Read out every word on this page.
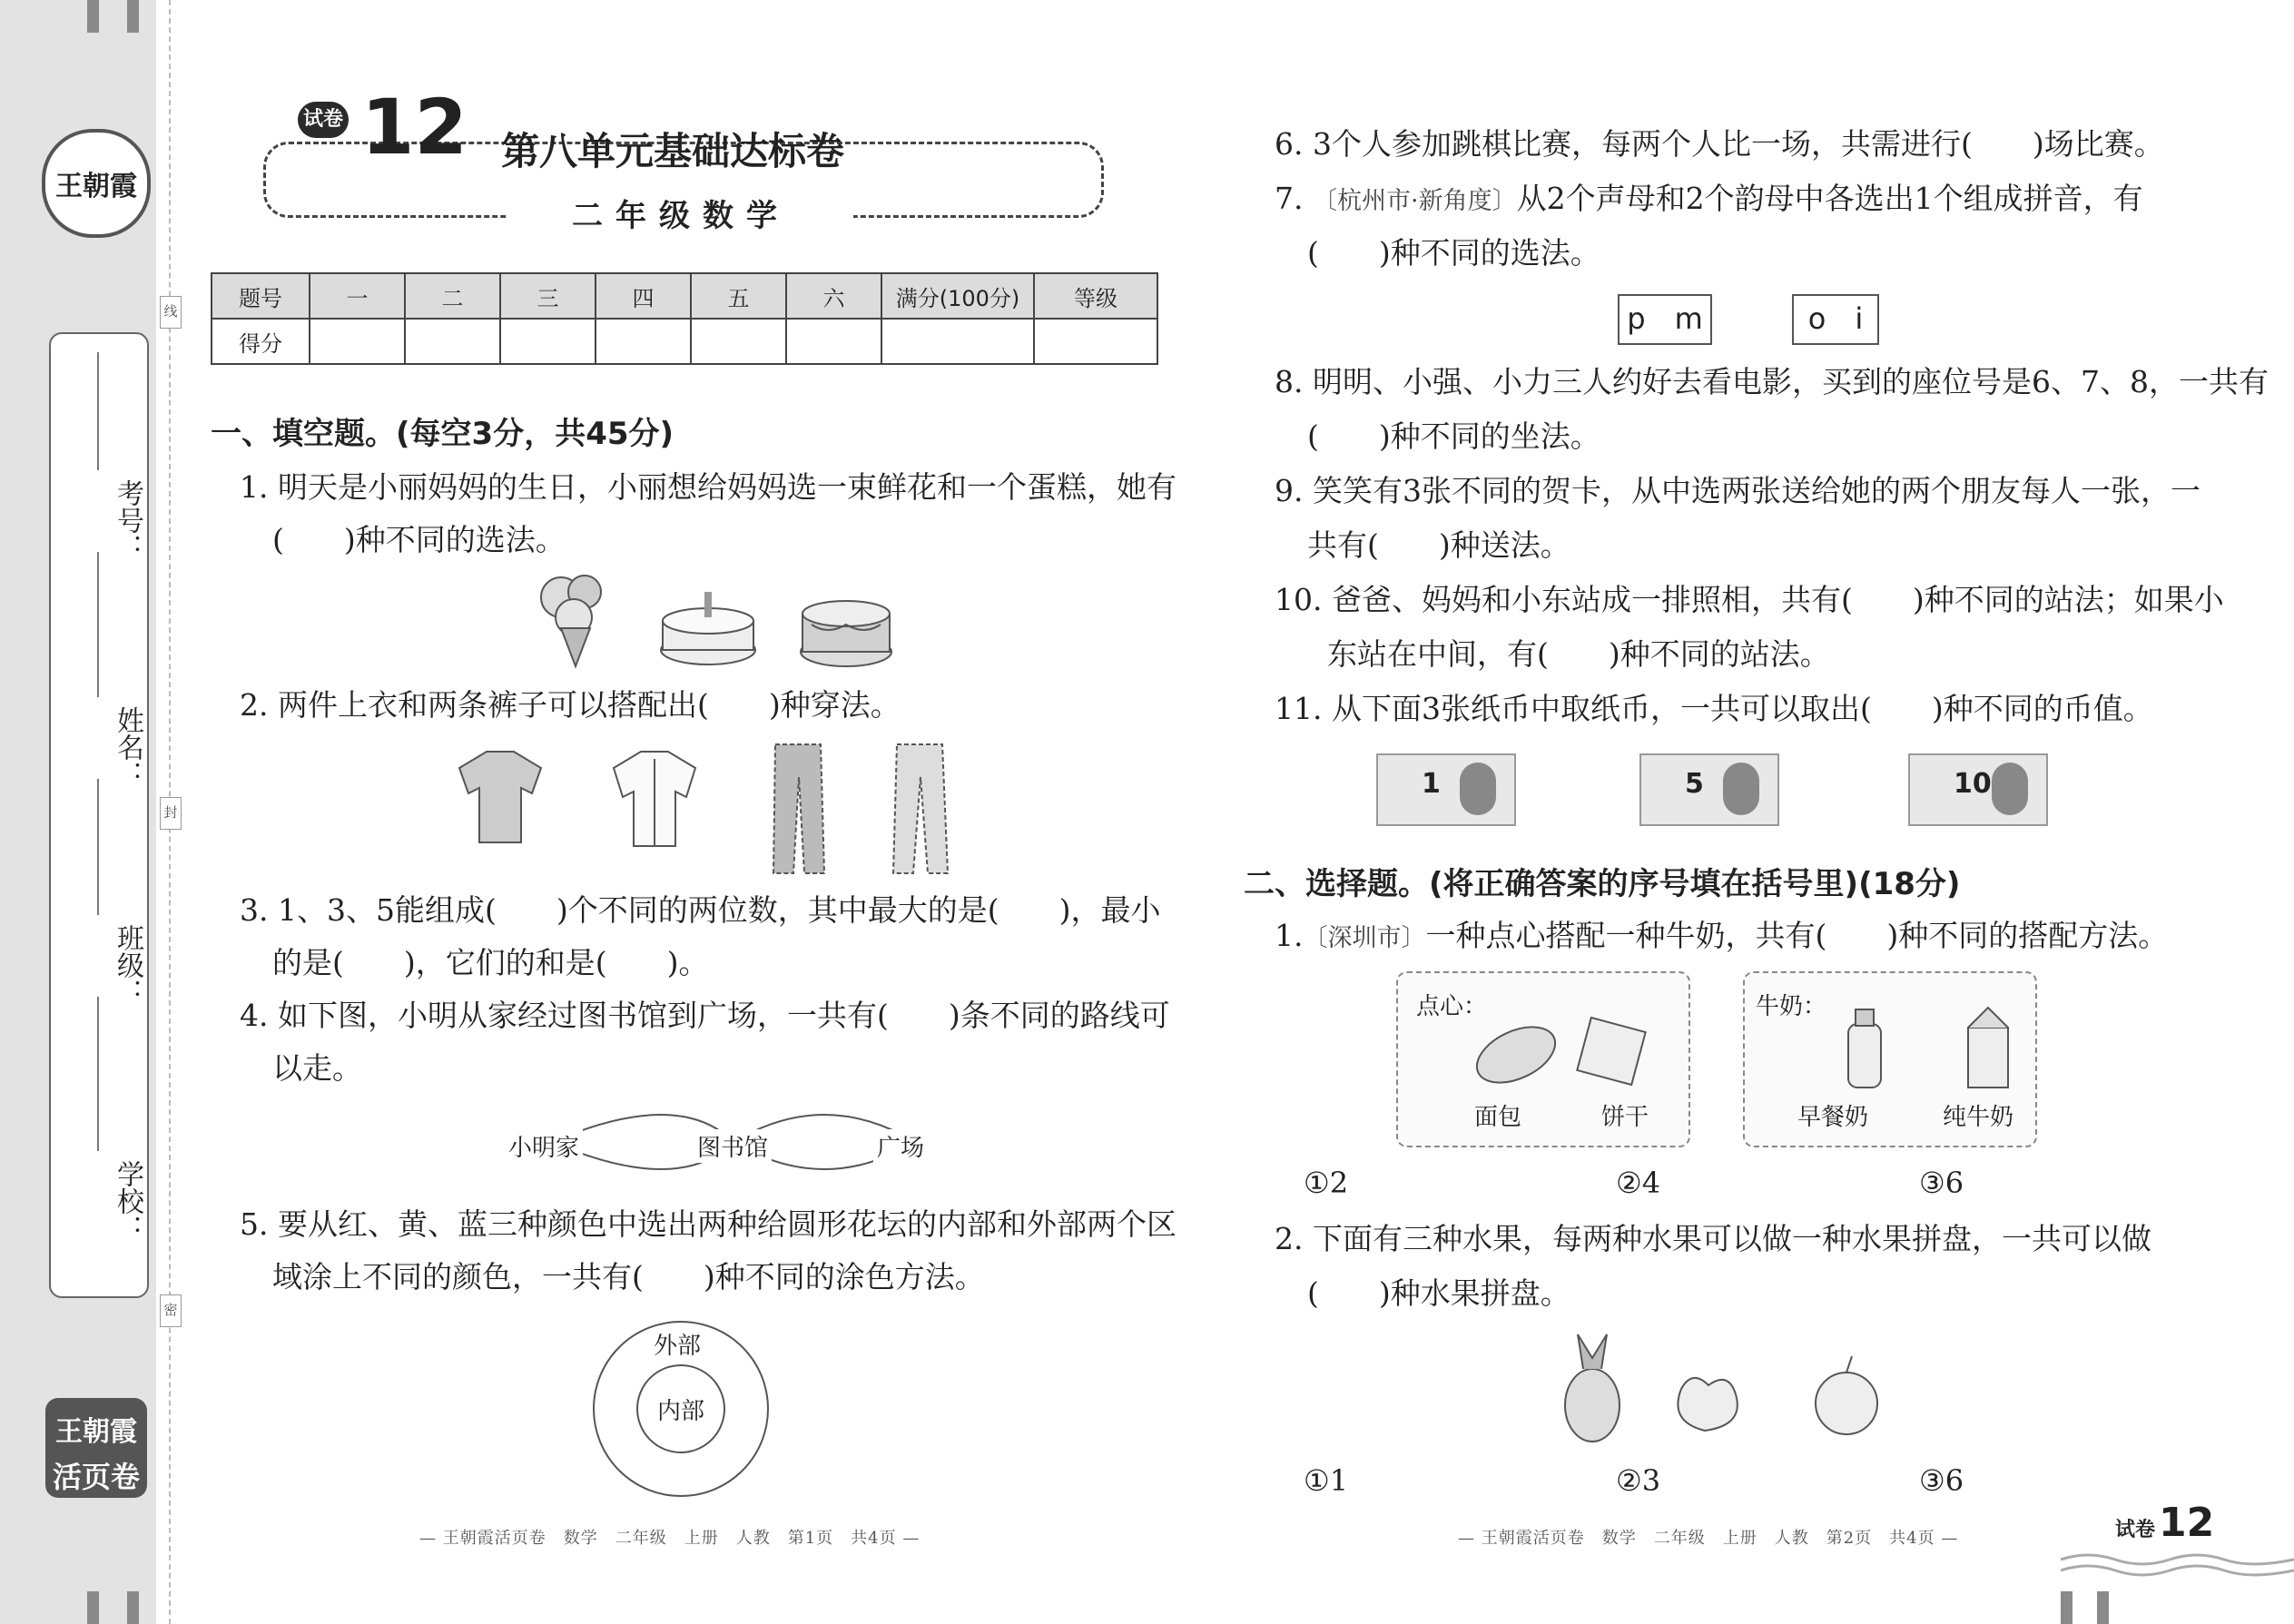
王朝霞
考号：
姓名：
班级：
学校：
线
封
密
王朝霞
活页卷
试卷 12 第八单元基础达标卷
二年级数学
题号	一	二	三	四	五	六	满分(100分)	等级
得分								
一、填空题。(每空3分，共45分)
1. 明天是小丽妈妈的生日，小丽想给妈妈选一束鲜花和一个蛋糕，她有
(　　)种不同的选法。
2. 两件上衣和两条裤子可以搭配出(　　)种穿法。
3. 1、3、5能组成(　　)个不同的两位数，其中最大的是(　　)，最小
的是(　　)，它们的和是(　　)。
4. 如下图，小明从家经过图书馆到广场，一共有(　　)条不同的路线可
以走。
小明家	图书馆	广场
5. 要从红、黄、蓝三种颜色中选出两种给圆形花坛的内部和外部两个区
域涂上不同的颜色，一共有(　　)种不同的涂色方法。
外部
内部
— 王朝霞活页卷　数学　二年级　上册　人教　第1页　共4页 —
6. 3个人参加跳棋比赛，每两个人比一场，共需进行(　　)场比赛。
7. 〔杭州市·新角度〕从2个声母和2个韵母中各选出1个组成拼音，有
(　　)种不同的选法。
p　m	o　i
8. 明明、小强、小力三人约好去看电影，买到的座位号是6、7、8，一共有
(　　)种不同的坐法。
9. 笑笑有3张不同的贺卡，从中选两张送给她的两个朋友每人一张，一
共有(　　)种送法。
10. 爸爸、妈妈和小东站成一排照相，共有(　　)种不同的站法；如果小
东站在中间，有(　　)种不同的站法。
11. 从下面3张纸币中取纸币，一共可以取出(　　)种不同的币值。
1	5	10
二、选择题。(将正确答案的序号填在括号里)(18分)
1.〔深圳市〕一种点心搭配一种牛奶，共有(　　)种不同的搭配方法。
点心：
面包	饼干
牛奶：
早餐奶	纯牛奶
①2	②4	③6
2. 下面有三种水果，每两种水果可以做一种水果拼盘，一共可以做
(　　)种水果拼盘。
①1	②3	③6
— 王朝霞活页卷　数学　二年级　上册　人教　第2页　共4页 —	试卷 12
